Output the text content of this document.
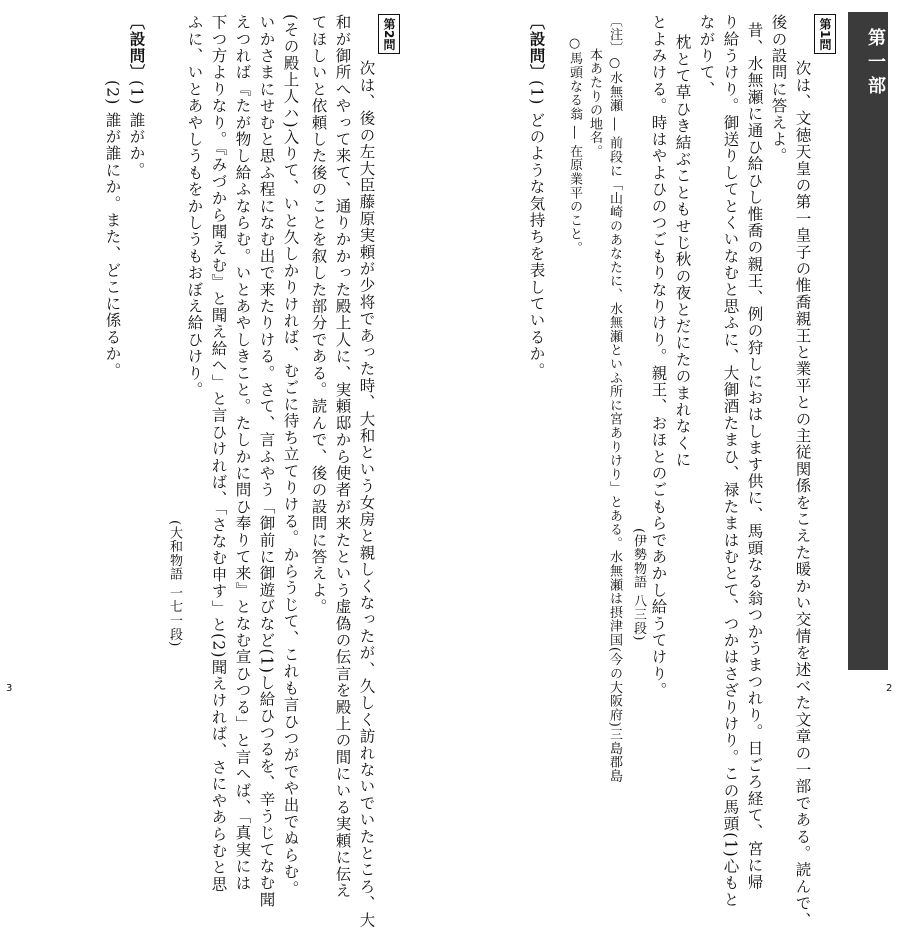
第一部
第1問
次は、文徳天皇の第一皇子の惟喬親王と業平との主従関係をこえた暖かい交情を述べた文章の一部である。読んで、
後の設問に答えよ。
昔、水無瀬に通ひ給ひし惟喬の親王、例の狩しにおはします供に、馬頭なる翁つかうまつれり。日ごろ経て、宮に帰
り給うけり。御送りしてとくいなむと思ふに、大御酒たまひ、禄たまはむとて、つかはさざりけり。この馬頭(1)心もと
ながりて、
枕とて草ひき結ぶこともせじ秋の夜とだにたのまれなくに
とよみける。時はやよひのつごもりなりけり。親王、おほとのごもらであかし給うてけり。
(伊勢物語 八三段)
〔注〕○水無瀬 ― 前段に「山崎のあなたに、水無瀬といふ所に宮ありけり」とある。水無瀬は摂津国(今の大阪府)三島郡島
本あたりの地名。
○馬頭なる翁 ― 在原業平のこと。
〔設問〕
(1) どのような気持ちを表しているか。
2
第2問
次は、後の左大臣藤原実頼が少将であった時、大和という女房と親しくなったが、久しく訪れないでいたところ、大
和が御所へやって来て、通りかかった殿上人に、実頼邸から使者が来たという虚偽の伝言を殿上の間にいる実頼に伝え
てほしいと依頼した後のことを叙した部分である。読んで、後の設問に答えよ。
(その殿上人ハ)入りて、いと久しかりければ、むごに待ち立てりける。からうじて、これも言ひつがでや出でぬらむ。
いかさまにせむと思ふ程になむ出で来たりける。さて、言ふやう「御前に御遊びなど(1)し給ひつるを、辛うじてなむ聞
えつれば『たが物し給ふならむ。いとあやしきこと。たしかに問ひ奉りて来』となむ宣ひつる」と言へば、「真実には
下つ方よりなり。『みづから聞えむ』と聞え給へ」と言ひければ、「さなむ申す」と(2)聞えければ、さにやあらむと思
ふに、いとあやしうもをかしうもおぼえ給ひけり。
(大和物語 一七一段)
〔設問〕
(1) 誰がか。
(2) 誰が誰にか。また、どこに係るか。
3
